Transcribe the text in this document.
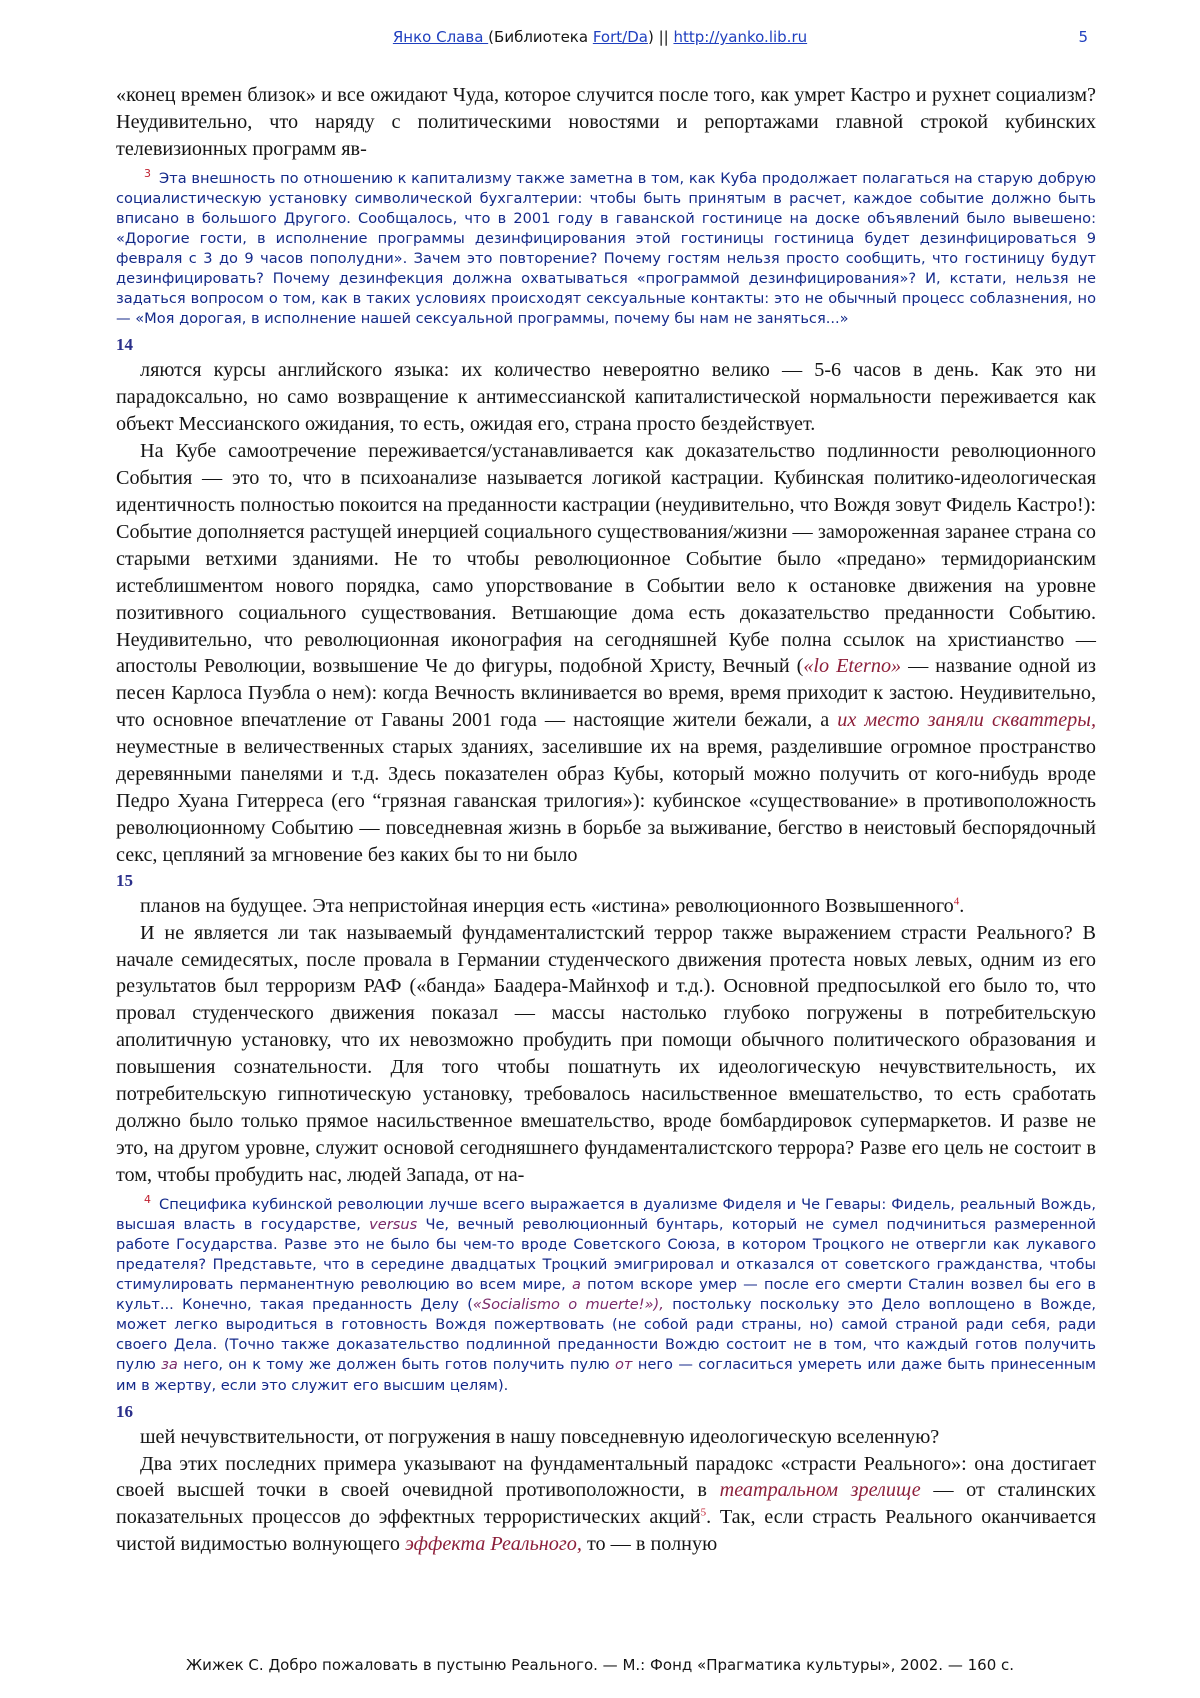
Янко Слава (Библиотека Fort/Da) || http://yanko.lib.ru	5

«конец времен близок» и все ожидают Чуда, которое случится после того, как умрет Кастро и рухнет социализм? Неудивительно, что наряду с политическими новостями и репортажами главной строкой кубинских телевизионных программ яв-

$^3$ Эта внешность по отношению к капитализму также заметна в том, как Куба продолжает полагаться на старую добрую социалистическую установку символической бухгалтерии: чтобы быть принятым в расчет, каждое событие должно быть вписано в большого Другого. Сообщалось, что в 2001 году в гаванской гостинице на доске объявлений было вывешено: «Дорогие гости, в исполнение программы дезинфицирования этой гостиницы гостиница будет дезинфицироваться 9 февраля с 3 до 9 часов пополудни». Зачем это повторение? Почему гостям нельзя просто сообщить, что гостиницу будут дезинфицировать? Почему дезинфекция должна охватываться «программой дезинфицирования»? И, кстати, нельзя не задаться вопросом о том, как в таких условиях происходят сексуальные контакты: это не обычный процесс соблазнения, но — «Моя дорогая, в исполнение нашей сексуальной программы, почему бы нам не заняться...»

14

ляются курсы английского языка: их количество невероятно велико — 5-6 часов в день. Как это ни парадоксально, но само возвращение к антимессианской капиталистической нормальности переживается как объект Мессианского ожидания, то есть, ожидая его, страна просто бездействует.

На Кубе самоотречение переживается/устанавливается как доказательство подлинности революционного События — это то, что в психоанализе называется логикой кастрации. Кубинская политико-идеологическая идентичность полностью покоится на преданности кастрации (неудивительно, что Вождя зовут Фидель Кастро!): Событие дополняется растущей инерцией социального существования/жизни — замороженная заранее страна со старыми ветхими зданиями. Не то чтобы революционное Событие было «предано» термидорианским истеблишментом нового порядка, само упорствование в Событии вело к остановке движения на уровне позитивного социального существования. Ветшающие дома есть доказательство преданности Событию. Неудивительно, что революционная иконография на сегодняшней Кубе полна ссылок на христианство — апостолы Революции, возвышение Че до фигуры, подобной Христу, Вечный («lo Eterno» — название одной из песен Карлоса Пуэбла о нем): когда Вечность вклинивается во время, время приходит к застою. Неудивительно, что основное впечатление от Гаваны 2001 года — настоящие жители бежали, а их место заняли скваттеры, неуместные в величественных старых зданиях, заселившие их на время, разделившие огромное пространство деревянными панелями и т.д. Здесь показателен образ Кубы, который можно получить от кого-нибудь вроде Педро Хуана Гитерреса (его “грязная гаванская трилогия»): кубинское «существование» в противоположность революционному Событию — повседневная жизнь в борьбе за выживание, бегство в неистовый беспорядочный секс, цепляний за мгновение без каких бы то ни было

15

планов на будущее. Эта непристойная инерция есть «истина» революционного Возвышенного$^4$.

И не является ли так называемый фундаменталистский террор также выражением страсти Реального? В начале семидесятых, после провала в Германии студенческого движения протеста новых левых, одним из его результатов был терроризм РАФ («банда» Баадера-Майнхоф и т.д.). Основной предпосылкой его было то, что провал студенческого движения показал — массы настолько глубоко погружены в потребительскую аполитичную установку, что их невозможно пробудить при помощи обычного политического образования и повышения сознательности. Для того чтобы пошатнуть их идеологическую нечувствительность, их потребительскую гипнотическую установку, требовалось насильственное вмешательство, то есть сработать должно было только прямое насильственное вмешательство, вроде бомбардировок супермаркетов. И разве не это, на другом уровне, служит основой сегодняшнего фундаменталистского террора? Разве его цель не состоит в том, чтобы пробудить нас, людей Запада, от на-

$^4$ Специфика кубинской революции лучше всего выражается в дуализме Фиделя и Че Гевары: Фидель, реальный Вождь, высшая власть в государстве, versus Че, вечный революционный бунтарь, который не сумел подчиниться размеренной работе Государства. Разве это не было бы чем-то вроде Советского Союза, в котором Троцкого не отвергли как лукавого предателя? Представьте, что в середине двадцатых Троцкий эмигрировал и отказался от советского гражданства, чтобы стимулировать перманентную революцию во всем мире, а потом вскоре умер — после его смерти Сталин возвел бы его в культ... Конечно, такая преданность Делу («Socialismo o muerte!»), постольку поскольку это Дело воплощено в Вожде, может легко выродиться в готовность Вождя пожертвовать (не собой ради страны, но) самой страной ради себя, ради своего Дела. (Точно также доказательство подлинной преданности Вождю состоит не в том, что каждый готов получить пулю за него, он к тому же должен быть готов получить пулю от него — согласиться умереть или даже быть принесенным им в жертву, если это служит его высшим целям).

16

шей нечувствительности, от погружения в нашу повседневную идеологическую вселенную?

Два этих последних примера указывают на фундаментальный парадокс «страсти Реального»: она достигает своей высшей точки в своей очевидной противоположности, в театральном зрелище — от сталинских показательных процессов до эффектных террористических акций$^5$. Так, если страсть Реального оканчивается чистой видимостью волнующего эффекта Реального, то — в полную

Жижек С. Добро пожаловать в пустыню Реального. — М.: Фонд «Прагматика культуры», 2002. — 160 с.
